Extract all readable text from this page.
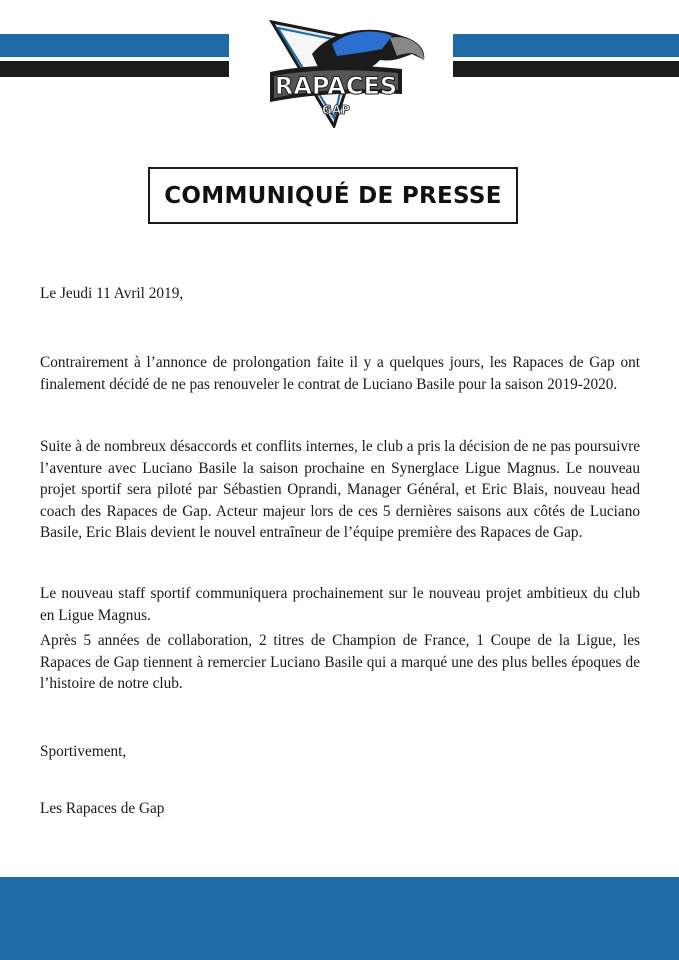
RAPACES
GAP
COMMUNIQUÉ DE PRESSE
Le Jeudi 11 Avril 2019,
Contrairement à l’annonce de prolongation faite il y a quelques jours, les Rapaces de Gap ont finalement décidé de ne pas renouveler le contrat de Luciano Basile pour la saison 2019-2020.
Suite à de nombreux désaccords et conflits internes, le club a pris la décision de ne pas poursuivre l’aventure avec Luciano Basile la saison prochaine en Synerglace Ligue Magnus. Le nouveau projet sportif sera piloté par Sébastien Oprandi, Manager Général, et Eric Blais, nouveau head coach des Rapaces de Gap. Acteur majeur lors de ces 5 dernières saisons aux côtés de Luciano Basile, Eric Blais devient le nouvel entraîneur de l’équipe première des Rapaces de Gap.
Le nouveau staff sportif communiquera prochainement sur le nouveau projet ambitieux du club en Ligue Magnus.
Après 5 années de collaboration, 2 titres de Champion de France, 1 Coupe de la Ligue, les Rapaces de Gap tiennent à remercier Luciano Basile qui a marqué une des plus belles époques de l’histoire de notre club.
Sportivement,
Les Rapaces de Gap
